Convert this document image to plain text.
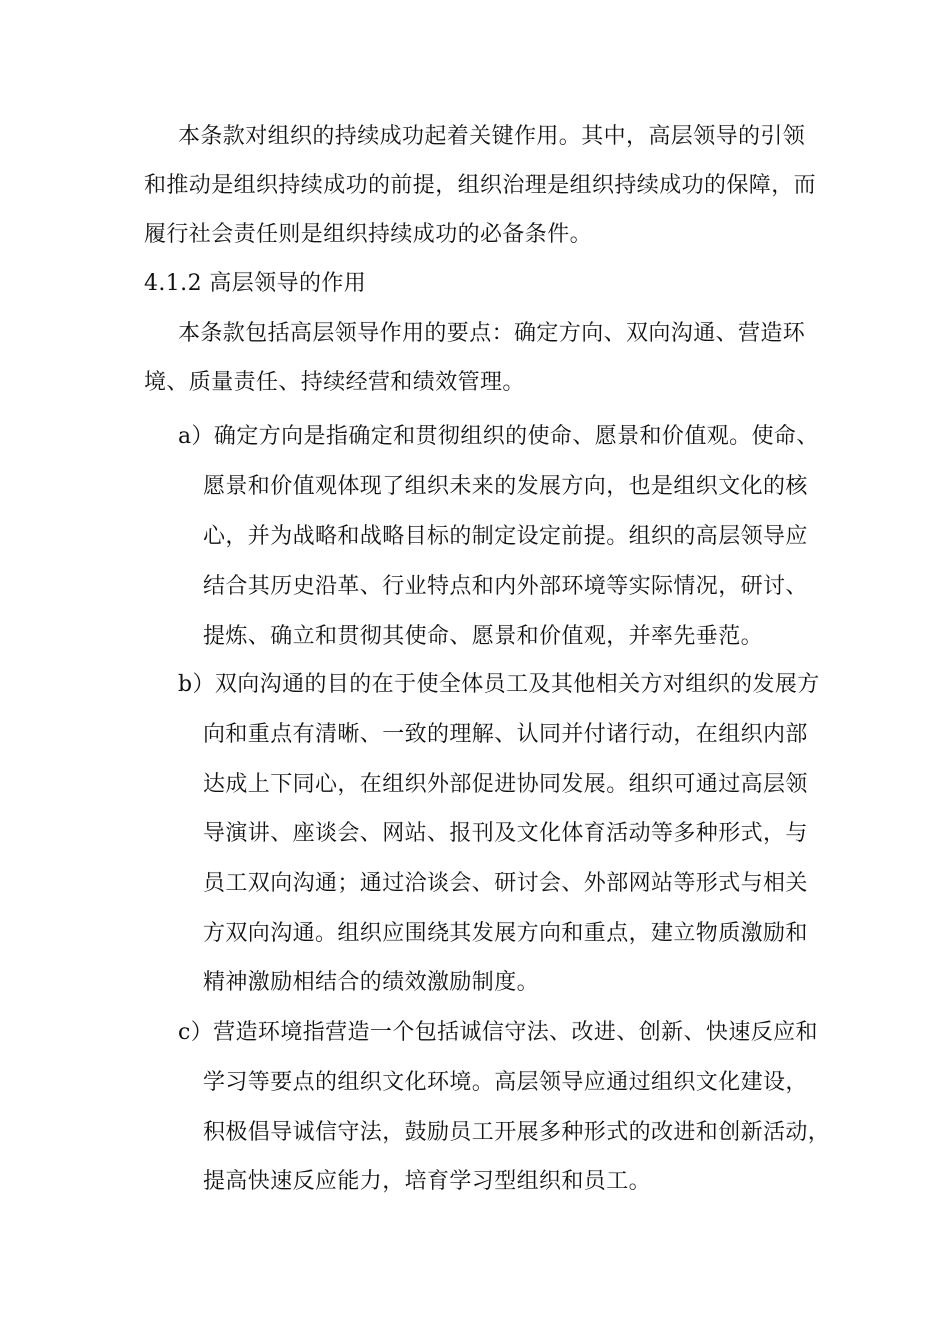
本条款对组织的持续成功起着关键作用。其中，高层领导的引领
和推动是组织持续成功的前提，组织治理是组织持续成功的保障，而
履行社会责任则是组织持续成功的必备条件。
4.1.2 高层领导的作用
本条款包括高层领导作用的要点：确定方向、双向沟通、营造环
境、质量责任、持续经营和绩效管理。
a）确定方向是指确定和贯彻组织的使命、愿景和价值观。使命、
愿景和价值观体现了组织未来的发展方向，也是组织文化的核
心，并为战略和战略目标的制定设定前提。组织的高层领导应
结合其历史沿革、行业特点和内外部环境等实际情况，研讨、
提炼、确立和贯彻其使命、愿景和价值观，并率先垂范。
b）双向沟通的目的在于使全体员工及其他相关方对组织的发展方
向和重点有清晰、一致的理解、认同并付诸行动，在组织内部
达成上下同心，在组织外部促进协同发展。组织可通过高层领
导演讲、座谈会、网站、报刊及文化体育活动等多种形式，与
员工双向沟通；通过洽谈会、研讨会、外部网站等形式与相关
方双向沟通。组织应围绕其发展方向和重点，建立物质激励和
精神激励相结合的绩效激励制度。
c）营造环境指营造一个包括诚信守法、改进、创新、快速反应和
学习等要点的组织文化环境。高层领导应通过组织文化建设，
积极倡导诚信守法，鼓励员工开展多种形式的改进和创新活动，
提高快速反应能力，培育学习型组织和员工。
